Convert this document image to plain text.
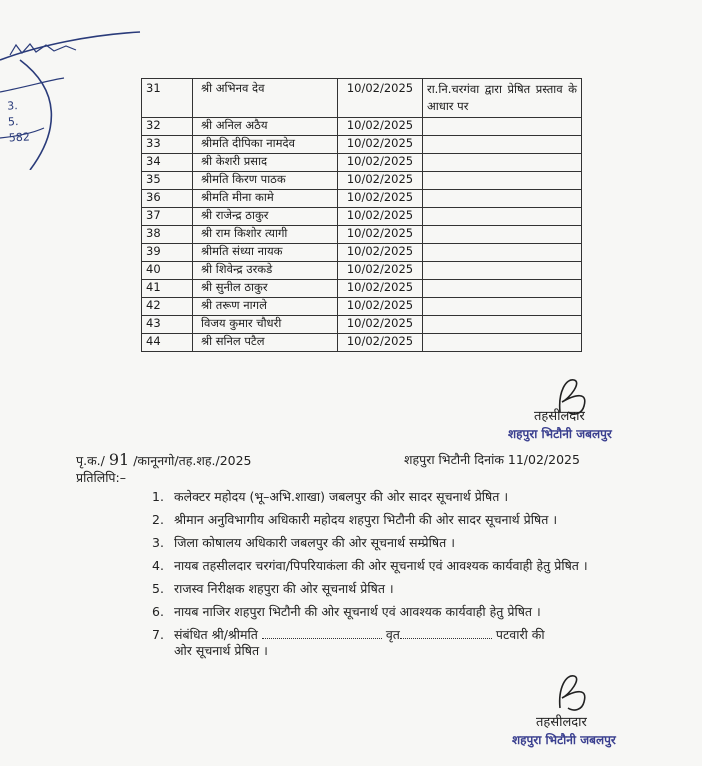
3.
5.
582
31	श्री अभिनव देव	10/02/2025	रा.नि.चरगंवा द्वारा प्रेषित प्रस्ताव के आधार पर
32	श्री अनिल अठैय	10/02/2025	
33	श्रीमति दीपिका नामदेव	10/02/2025	
34	श्री केशरी प्रसाद	10/02/2025	
35	श्रीमति किरण पाठक	10/02/2025	
36	श्रीमति मीना कामे	10/02/2025	
37	श्री राजेन्द्र ठाकुर	10/02/2025	
38	श्री राम किशोर त्यागी	10/02/2025	
39	श्रीमति संध्या नायक	10/02/2025	
40	श्री शिवेन्द्र उरकडे	10/02/2025	
41	श्री सुनील ठाकुर	10/02/2025	
42	श्री तरूण नागले	10/02/2025	
43	विजय कुमार चौधरी	10/02/2025	
44	श्री सनिल पटैल	10/02/2025	
तहसीलदार
शहपुरा भिटौनी जबलपुर
पृ.क./ 91 /कानूनगो/तह.शह./2025	शहपुरा भिटौनी दिनांक 11/02/2025
प्रतिलिपि:–
1. कलेक्टर महोदय (भू–अभि.शाखा) जबलपुर की ओर सादर सूचनार्थ प्रेषित ।
2. श्रीमान अनुविभागीय अधिकारी महोदय शहपुरा भिटौनी की ओर सादर सूचनार्थ प्रेषित ।
3. जिला कोषालय अधिकारी जबलपुर की ओर सूचनार्थ सम्प्रेषित ।
4. नायब तहसीलदार चरगंवा/पिपरियाकंला की ओर सूचनार्थ एवं आवश्यक कार्यवाही हेतु प्रेषित ।
5. राजस्व निरीक्षक शहपुरा की ओर सूचनार्थ प्रेषित ।
6. नायब नाजिर शहपुरा भिटौनी की ओर सूचनार्थ एवं आवश्यक कार्यवाही हेतु प्रेषित ।
7. संबंधित श्री/श्रीमति	वृत	पटवारी की
ओर सूचनार्थ प्रेषित ।
तहसीलदार
शहपुरा भिटौनी जबलपुर
